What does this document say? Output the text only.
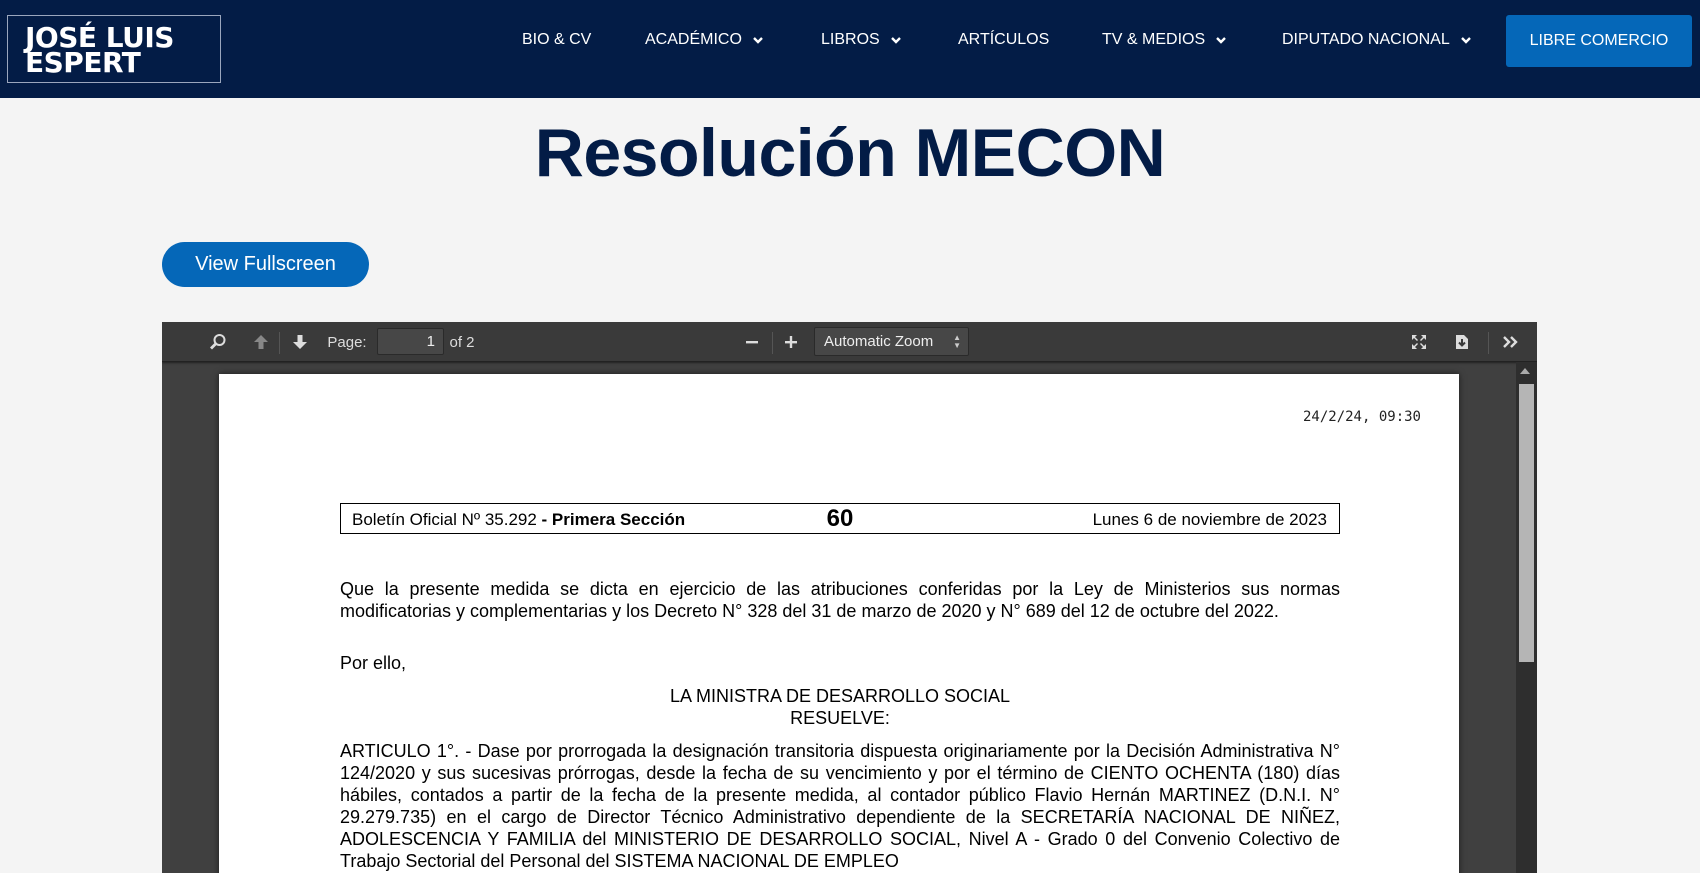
JOSÉ LUIS
ESPERT
BIO & CV	ACADÉMICO	LIBROS	ARTÍCULOS	TV & MEDIOS	DIPUTADO NACIONAL	LIBRE COMERCIO
Resolución MECON
View Fullscreen
Page:
1	of 2	Automatic Zoom ▲
▼
24/2/24, 09:30
Boletín Oficial Nº 35.292 - Primera Sección	60	Lunes 6 de noviembre de 2023
Que la presente medida se dicta en ejercicio de las atribuciones conferidas por la Ley de Ministerios sus normas modificatorias y complementarias y los Decreto N° 328 del 31 de marzo de 2020 y N° 689 del 12 de octubre del 2022.
Por ello,
LA MINISTRA DE DESARROLLO SOCIAL
RESUELVE:
ARTICULO 1°. - Dase por prorrogada la designación transitoria dispuesta originariamente por la Decisión Administrativa N° 124/2020 y sus sucesivas prórrogas, desde la fecha de su vencimiento y por el término de CIENTO OCHENTA (180) días hábiles, contados a partir de la fecha de la presente medida, al contador público Flavio Hernán MARTINEZ (D.N.I. N° 29.279.735) en el cargo de Director Técnico Administrativo dependiente de la SECRETARÍA NACIONAL DE NIÑEZ, ADOLESCENCIA Y FAMILIA del MINISTERIO DE DESARROLLO SOCIAL, Nivel A - Grado 0 del Convenio Colectivo de Trabajo Sectorial del Personal del SISTEMA NACIONAL DE EMPLEO
